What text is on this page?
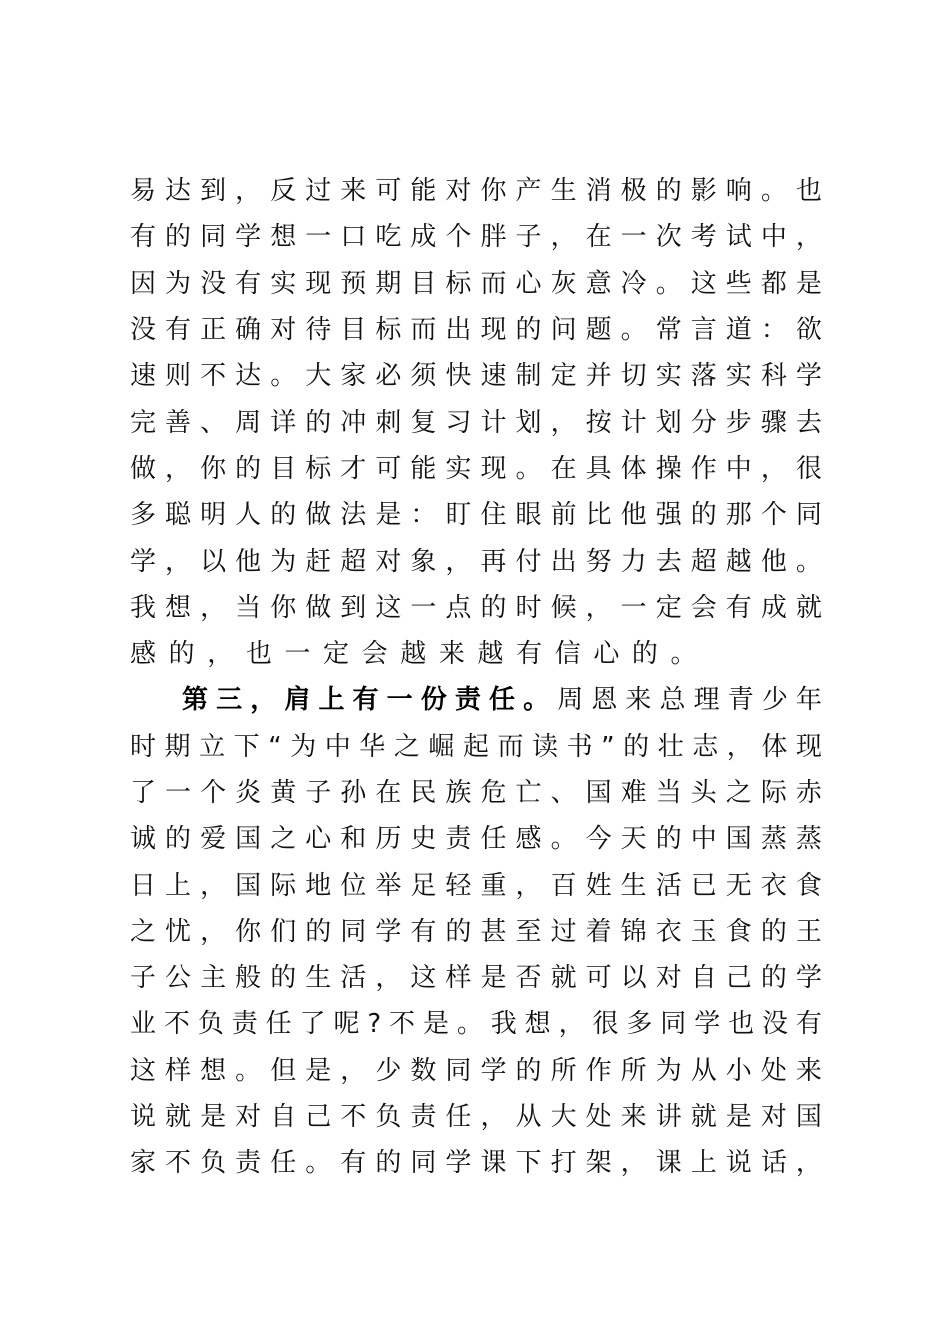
易 达 到 ， 反 过 来 可 能 对 你 产 生 消 极 的 影 响 。 也
有 的 同 学 想 一 口 吃 成 个 胖 子 ， 在 一 次 考 试 中 ，
因 为 没 有 实 现 预 期 目 标 而 心 灰 意 冷 。 这 些 都 是
没 有 正 确 对 待 目 标 而 出 现 的 问 题 。 常 言 道 ： 欲
速 则 不 达 。 大 家 必 须 快 速 制 定 并 切 实 落 实 科 学
完 善 、 周 详 的 冲 刺 复 习 计 划 ， 按 计 划 分 步 骤 去
做 ， 你 的 目 标 才 可 能 实 现 。 在 具 体 操 作 中 ， 很
多 聪 明 人 的 做 法 是 ： 盯 住 眼 前 比 他 强 的 那 个 同
学 ， 以 他 为 赶 超 对 象 ， 再 付 出 努 力 去 超 越 他 。
我 想 ， 当 你 做 到 这 一 点 的 时 候 ， 一 定 会 有 成 就
感 的 ， 也 一 定 会 越 来 越 有 信 心 的 。
第 三 ， 肩 上 有 一 份 责 任 。 周 恩 来 总 理 青 少 年
时 期 立 下 “ 为 中 华 之 崛 起 而 读 书 ” 的 壮 志 ， 体 现
了 一 个 炎 黄 子 孙 在 民 族 危 亡 、 国 难 当 头 之 际 赤
诚 的 爱 国 之 心 和 历 史 责 任 感 。 今 天 的 中 国 蒸 蒸
日 上 ， 国 际 地 位 举 足 轻 重 ， 百 姓 生 活 已 无 衣 食
之 忧 ， 你 们 的 同 学 有 的 甚 至 过 着 锦 衣 玉 食 的 王
子 公 主 般 的 生 活 ， 这 样 是 否 就 可 以 对 自 己 的 学
业 不 负 责 任 了 呢 ? 不 是 。 我 想 ， 很 多 同 学 也 没 有
这 样 想 。 但 是 ， 少 数 同 学 的 所 作 所 为 从 小 处 来
说 就 是 对 自 己 不 负 责 任 ， 从 大 处 来 讲 就 是 对 国
家 不 负 责 任 。 有 的 同 学 课 下 打 架 ， 课 上 说 话 ，
